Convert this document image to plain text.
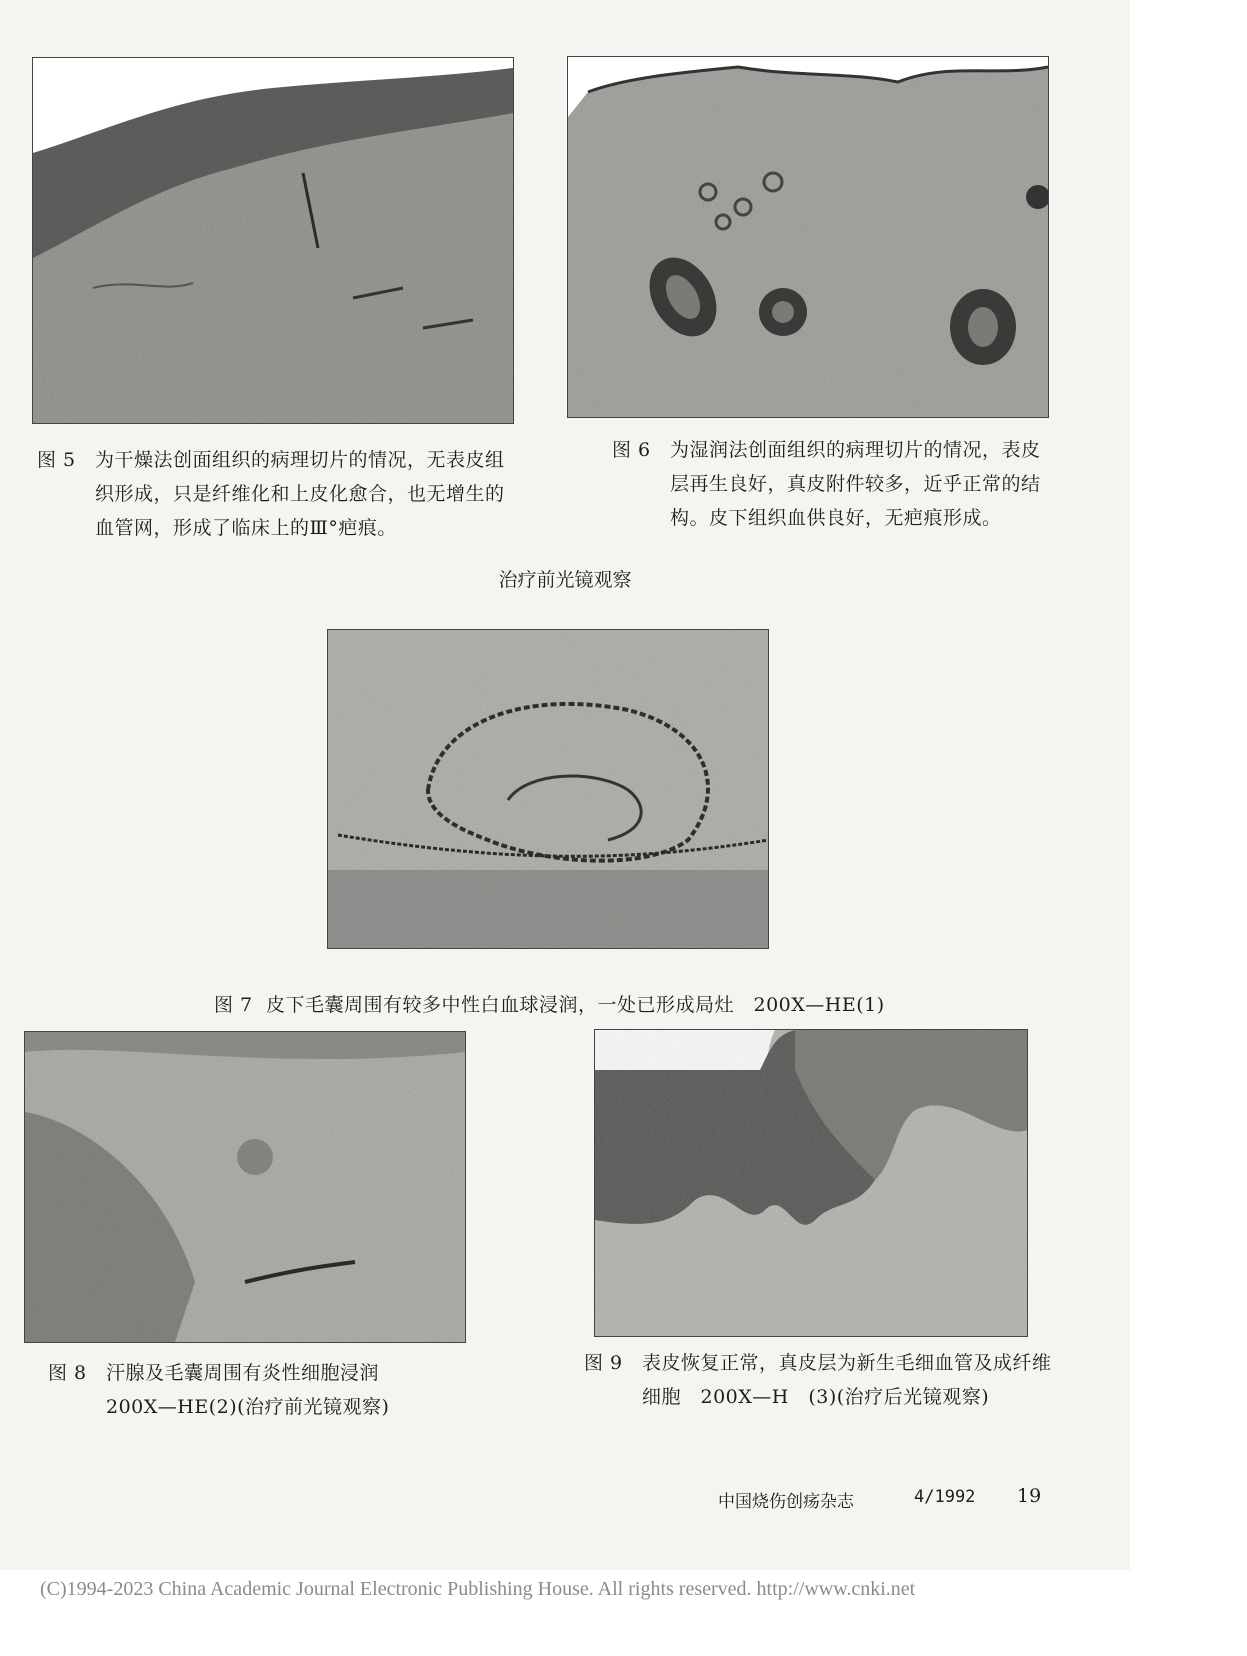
图 5 为干燥法创面组织的病理切片的情况，无表皮组
织形成，只是纤维化和上皮化愈合，也无增生的
血管网，形成了临床上的Ⅲ°疤痕。
图 6 为湿润法创面组织的病理切片的情况，表皮
层再生良好，真皮附件较多，近乎正常的结
构。皮下组织血供良好，无疤痕形成。
治疗前光镜观察
图 7 皮下毛囊周围有较多中性白血球浸润，一处已形成局灶　200X—HE(1)
图 8 汗腺及毛囊周围有炎性细胞浸润
200X—HE(2)(治疗前光镜观察)
图 9 表皮恢复正常，真皮层为新生毛细血管及成纤维
细胞　200X—H　(3)(治疗后光镜观察)
中国烧伤创疡杂志	4/1992 19
(C)1994-2023 China Academic Journal Electronic Publishing House. All rights reserved. http://www.cnki.net
